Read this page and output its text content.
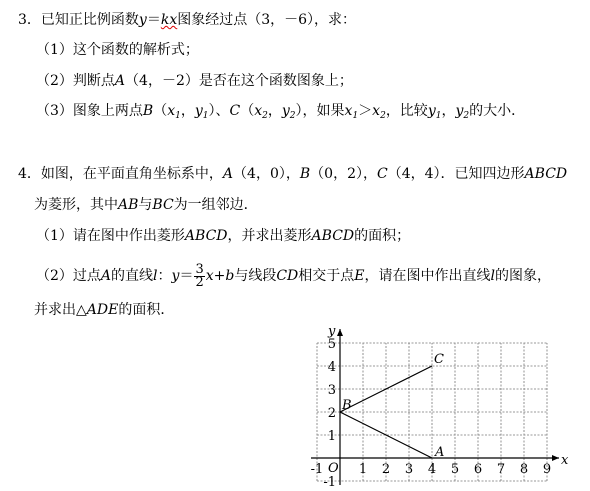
3．已知正比例函数y＝kx图象经过点（3，－6），求：
（1）这个函数的解析式；
（2）判断点A（4，－2）是否在这个函数图象上；
（3）图象上两点$B(x_1$，$y_1$）、$C(x_2$，$y_2$），如果$x_1>x_2$，比较$y_1$，$y_2$的大小．
4．如图，在平面直角坐标系中，A（4，0），B（0，2），C（4，4）．已知四边形ABCD
为菱形，其中AB与BC为一组邻边．
（1）请在图中作出菱形ABCD，并求出菱形ABCD的面积；
（2）过点A的直线l：$y= \frac{3}{2} x+b$与线段CD相交于点E，请在图中作出直线l的图象，
并求出△ADE的面积．
x
y
O
-1	1 2 3 4 5 6 7 8 9
-1
1
2
3
4
5
A
B
C
